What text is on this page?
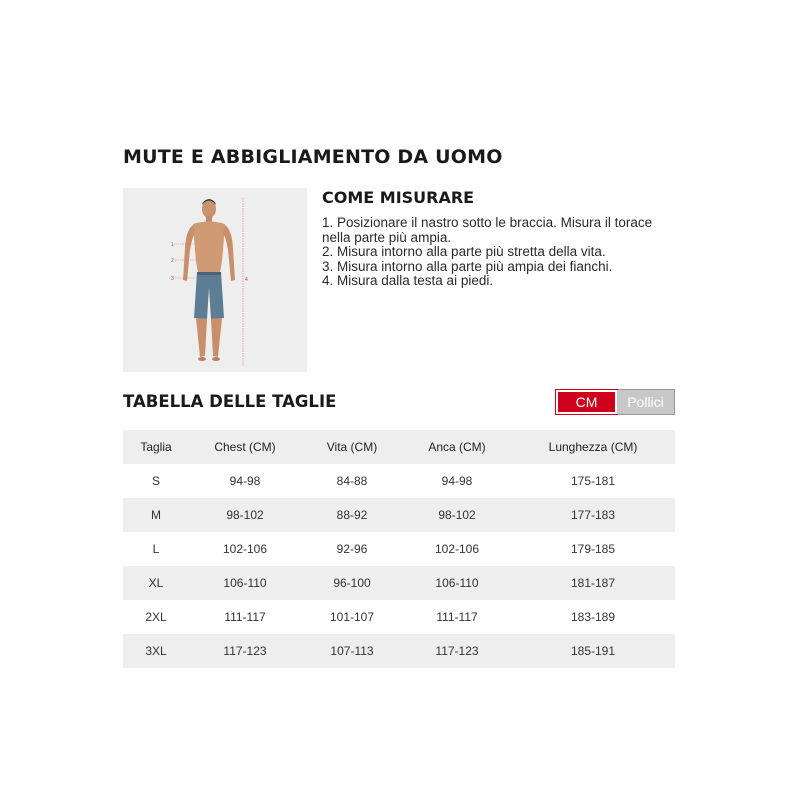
MUTE E ABBIGLIAMENTO DA UOMO
1
2
3	4
COME MISURARE
1. Posizionare il nastro sotto le braccia. Misura il torace nella parte più ampia.
2. Misura intorno alla parte più stretta della vita.
3. Misura intorno alla parte più ampia dei fianchi.
4. Misura dalla testa ai piedi.
TABELLA DELLE TAGLIE	CM	Pollici
Taglia	Chest (CM)	Vita (CM)	Anca (CM)	Lunghezza (CM)
S	94-98	84-88	94-98	175-181
M	98-102	88-92	98-102	177-183
L	102-106	92-96	102-106	179-185
XL	106-110	96-100	106-110	181-187
2XL	111-117	101-107	111-117	183-189
3XL	117-123	107-113	117-123	185-191
